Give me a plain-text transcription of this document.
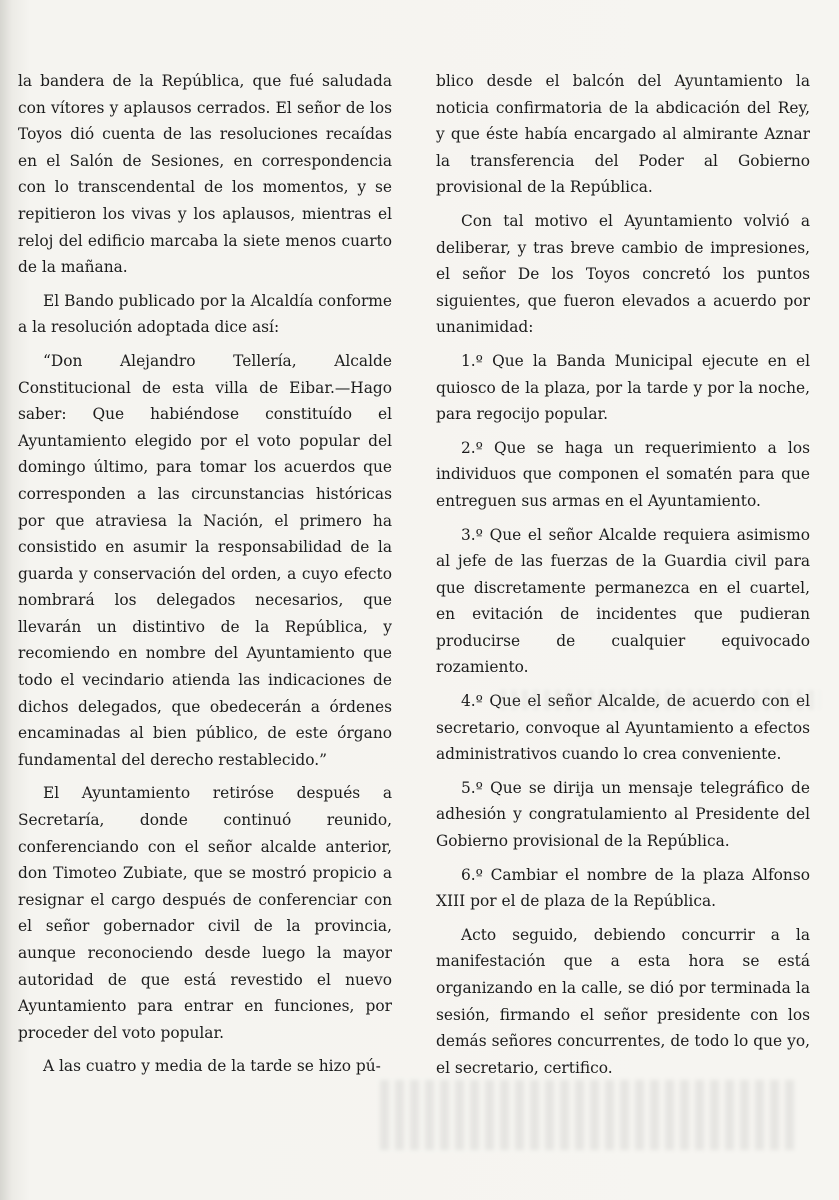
la bandera de la República, que fué saludada con vítores y aplausos cerrados. El señor de los Toyos dió cuenta de las resoluciones recaídas en el Salón de Sesiones, en correspondencia con lo transcendental de los momentos, y se repitieron los vivas y los aplausos, mientras el reloj del edificio marcaba la siete menos cuarto de la mañana.

El Bando publicado por la Alcaldía conforme a la resolución adoptada dice así:

“Don Alejandro Tellería, Alcalde Constitucional de esta villa de Eibar.—Hago saber: Que habiéndose constituído el Ayuntamiento elegido por el voto popular del domingo último, para tomar los acuerdos que corresponden a las circunstancias históricas por que atraviesa la Nación, el primero ha consistido en asumir la responsabilidad de la guarda y conservación del orden, a cuyo efecto nombrará los delegados necesarios, que llevarán un distintivo de la República, y recomiendo en nombre del Ayuntamiento que todo el vecindario atienda las indicaciones de dichos delegados, que obedecerán a órdenes encaminadas al bien público, de este órgano fundamental del derecho restablecido.”

El Ayuntamiento retiróse después a Secretaría, donde continuó reunido, conferenciando con el señor alcalde anterior, don Timoteo Zubiate, que se mostró propicio a resignar el cargo después de conferenciar con el señor gobernador civil de la provincia, aunque reconociendo desde luego la mayor autoridad de que está revestido el nuevo Ayuntamiento para entrar en funciones, por proceder del voto popular.

A las cuatro y media de la tarde se hizo pú-

blico desde el balcón del Ayuntamiento la noticia confirmatoria de la abdicación del Rey, y que éste había encargado al almirante Aznar la transferencia del Poder al Gobierno provisional de la República.

Con tal motivo el Ayuntamiento volvió a deliberar, y tras breve cambio de impresiones, el señor De los Toyos concretó los puntos siguientes, que fueron elevados a acuerdo por unanimidad:

1.º Que la Banda Municipal ejecute en el quiosco de la plaza, por la tarde y por la noche, para regocijo popular.

2.º Que se haga un requerimiento a los individuos que componen el somatén para que entreguen sus armas en el Ayuntamiento.

3.º Que el señor Alcalde requiera asimismo al jefe de las fuerzas de la Guardia civil para que discretamente permanezca en el cuartel, en evitación de incidentes que pudieran producirse de cualquier equivocado rozamiento.

4.º Que el señor Alcalde, de acuerdo con el secretario, convoque al Ayuntamiento a efectos administrativos cuando lo crea conveniente.

5.º Que se dirija un mensaje telegráfico de adhesión y congratulamiento al Presidente del Gobierno provisional de la República.

6.º Cambiar el nombre de la plaza Alfonso XIII por el de plaza de la República.

Acto seguido, debiendo concurrir a la manifestación que a esta hora se está organizando en la calle, se dió por terminada la sesión, firmando el señor presidente con los demás señores concurrentes, de todo lo que yo, el secretario, certifico.
